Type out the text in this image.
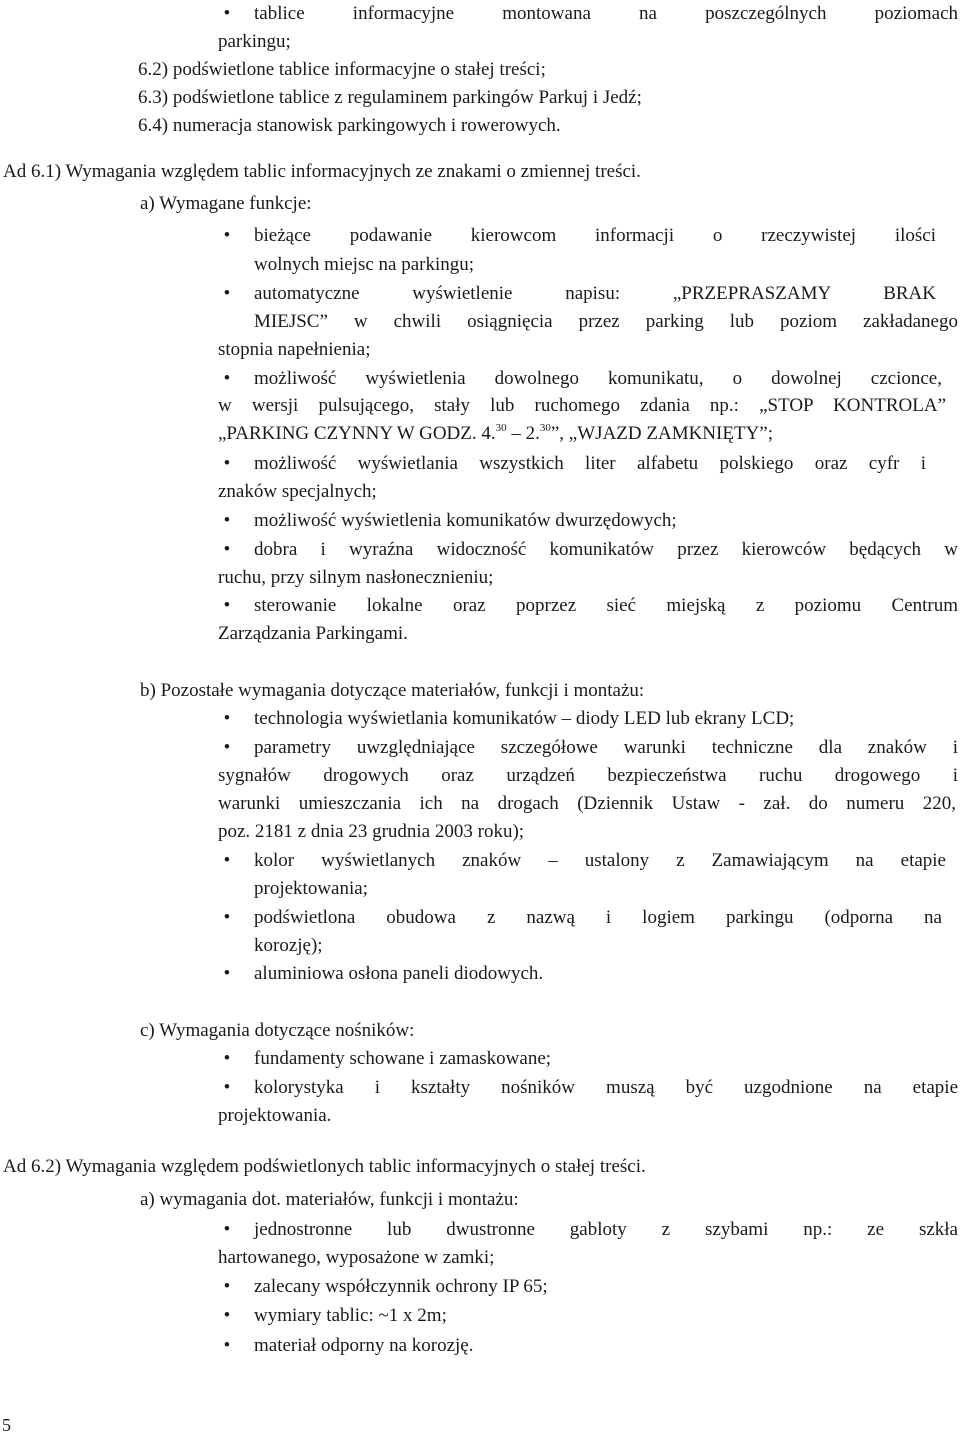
• tablice informacyjne montowana na poszczególnych poziomach
parkingu;
6.2) podświetlone tablice informacyjne o stałej treści;
6.3) podświetlone tablice z regulaminem parkingów Parkuj i Jedź;
6.4) numeracja stanowisk parkingowych i rowerowych.
Ad 6.1) Wymagania względem tablic informacyjnych ze znakami o zmiennej treści.
a) Wymagane funkcje:
• bieżące podawanie kierowcom informacji o rzeczywistej ilości
wolnych miejsc na parkingu;
• automatyczne wyświetlenie napisu: „PRZEPRASZAMY BRAK
MIEJSC” w chwili osiągnięcia przez parking lub poziom zakładanego
stopnia napełnienia;
• możliwość wyświetlenia dowolnego komunikatu, o dowolnej czcionce,
w wersji pulsującego, stały lub ruchomego zdania np.: „STOP KONTROLA”
„PARKING CZYNNY W GODZ. 4.30 – 2.30”, „WJAZD ZAMKNIĘTY”;
• możliwość wyświetlania wszystkich liter alfabetu polskiego oraz cyfr i
znaków specjalnych;
• możliwość wyświetlenia komunikatów dwurzędowych;
• dobra i wyraźna widoczność komunikatów przez kierowców będących w
ruchu, przy silnym nasłonecznieniu;
• sterowanie lokalne oraz poprzez sieć miejską z poziomu Centrum
Zarządzania Parkingami.
b) Pozostałe wymagania dotyczące materiałów, funkcji i montażu:
• technologia wyświetlania komunikatów – diody LED lub ekrany LCD;
• parametry uwzględniające szczegółowe warunki techniczne dla znaków i
sygnałów drogowych oraz urządzeń bezpieczeństwa ruchu drogowego i
warunki umieszczania ich na drogach (Dziennik Ustaw - zał. do numeru 220,
poz. 2181 z dnia 23 grudnia 2003 roku);
• kolor wyświetlanych znaków – ustalony z Zamawiającym na etapie
projektowania;
• podświetlona obudowa z nazwą i logiem parkingu (odporna na
korozję);
• aluminiowa osłona paneli diodowych.
c) Wymagania dotyczące nośników:
• fundamenty schowane i zamaskowane;
• kolorystyka i kształty nośników muszą być uzgodnione na etapie
projektowania.
Ad 6.2) Wymagania względem podświetlonych tablic informacyjnych o stałej treści.
a) wymagania dot. materiałów, funkcji i montażu:
• jednostronne lub dwustronne gabloty z szybami np.: ze szkła
hartowanego, wyposażone w zamki;
• zalecany współczynnik ochrony IP 65;
• wymiary tablic: ~1 x 2m;
• materiał odporny na korozję.
5
